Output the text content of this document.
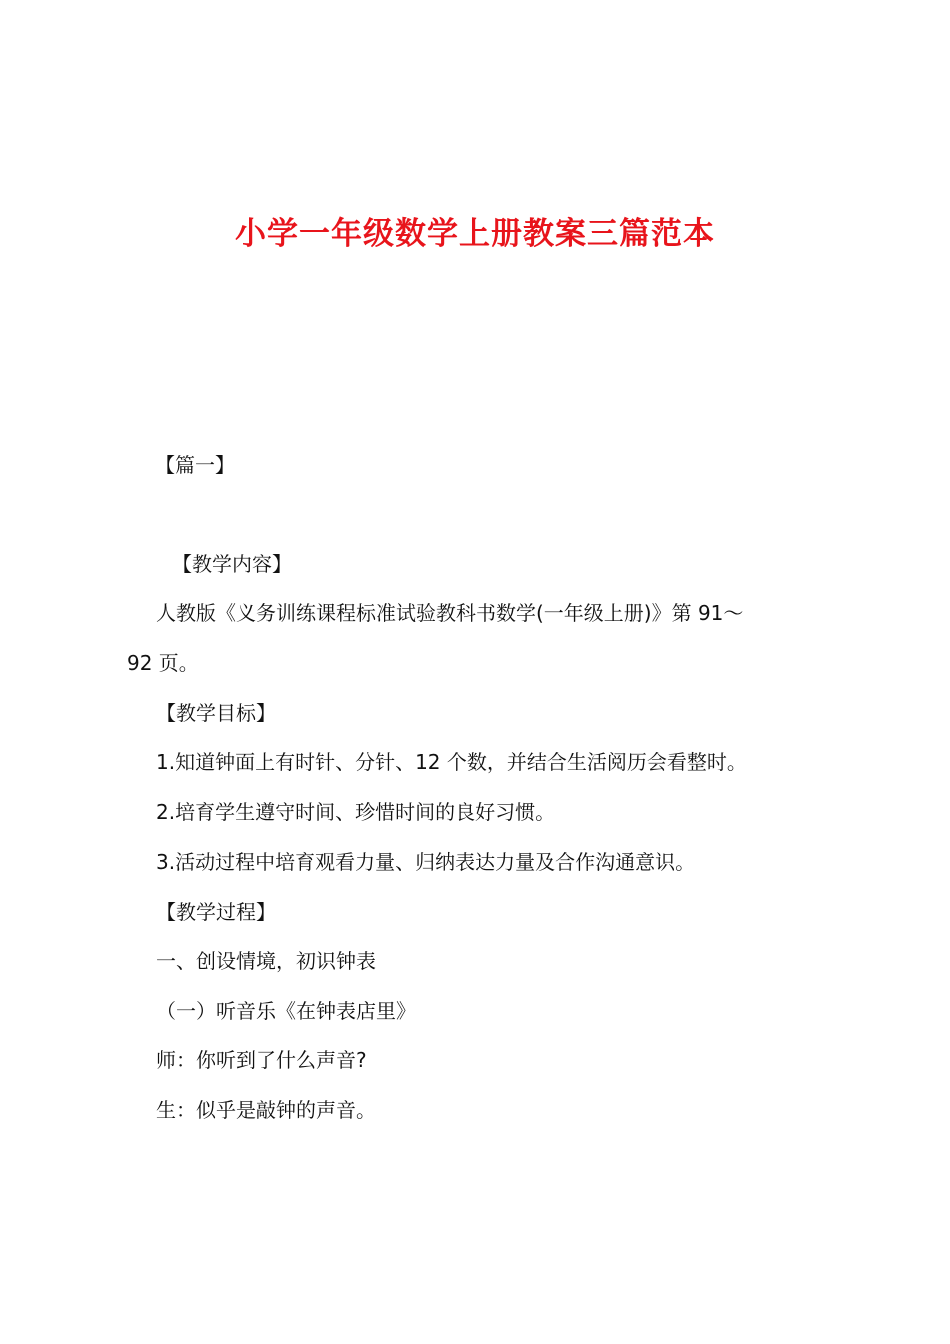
小学一年级数学上册教案三篇范本
【篇一】
【教学内容】
人教版《义务训练课程标准试验教科书数学(一年级上册)》第 91～
92 页。
【教学目标】
1.知道钟面上有时针、分针、12 个数，并结合生活阅历会看整时。
2.培育学生遵守时间、珍惜时间的良好习惯。
3.活动过程中培育观看力量、归纳表达力量及合作沟通意识。
【教学过程】
一、创设情境，初识钟表
（一）听音乐《在钟表店里》
师：你听到了什么声音?
生：似乎是敲钟的声音。
